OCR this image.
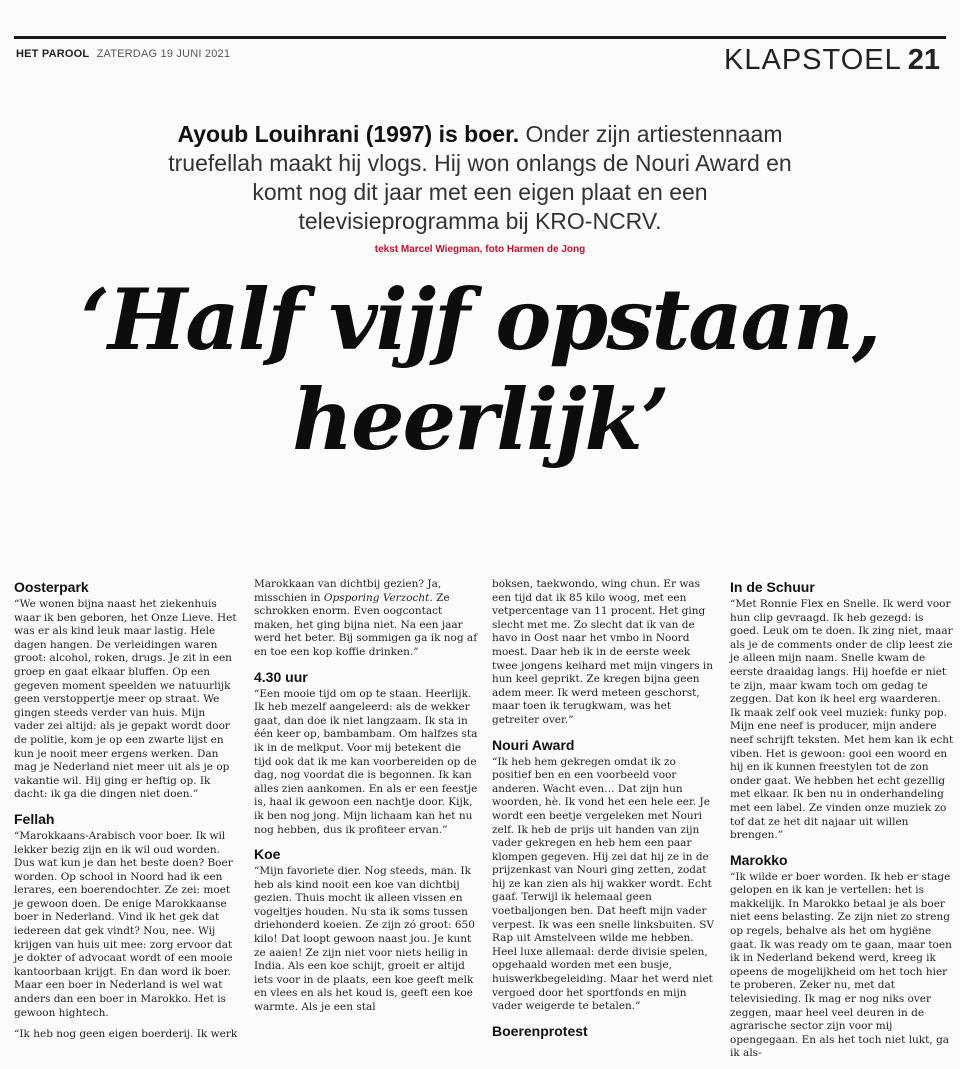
HET PAROOL ZATERDAG 19 JUNI 2021	KLAPSTOEL 21
Ayoub Louihrani (1997) is boer. Onder zijn artiestennaam truefellah maakt hij vlogs. Hij won onlangs de Nouri Award en komt nog dit jaar met een eigen plaat en een televisieprogramma bij KRO-NCRV.
tekst Marcel Wiegman, foto Harmen de Jong
‘Half vijf opstaan,
heerlijk’
Oosterpark

“We wonen bijna naast het ziekenhuis waar ik ben geboren, het Onze Lieve. Het was er als kind leuk maar lastig. Hele dagen hangen. De verleidingen waren groot: alcohol, roken, drugs. Je zit in een groep en gaat elkaar bluffen. Op een gegeven moment speelden we natuurlijk geen verstoppertje meer op straat. We gingen steeds verder van huis. Mijn vader zei altijd: als je gepakt wordt door de politie, kom je op een zwarte lijst en kun je nooit meer ergens werken. Dan mag je Nederland niet meer uit als je op vakantie wil. Hij ging er heftig op. Ik dacht: ik ga die dingen niet doen.”

Fellah

“Marokkaans-Arabisch voor boer. Ik wil lekker bezig zijn en ik wil oud worden. Dus wat kun je dan het beste doen? Boer worden. Op school in Noord had ik een lerares, een boerendochter. Ze zei: moet je gewoon doen. De enige Marokkaanse boer in Nederland. Vind ik het gek dat iedereen dat gek vindt? Nou, nee. Wij krijgen van huis uit mee: zorg ervoor dat je dokter of advocaat wordt of een mooie kantoorbaan krijgt. En dan word ik boer. Maar een boer in Nederland is wel wat anders dan een boer in Marokko. Het is gewoon hightech.

“Ik heb nog geen eigen boerderij. Ik werk

Marokkaan van dichtbij gezien? Ja, misschien in Opsporing Verzocht. Ze schrokken enorm. Even oogcontact maken, het ging bijna niet. Na een jaar werd het beter. Bij sommigen ga ik nog af en toe een kop koffie drinken.”

4.30 uur

“Een mooie tijd om op te staan. Heerlijk. Ik heb mezelf aangeleerd: als de wekker gaat, dan doe ik niet langzaam. Ik sta in één keer op, bambambam. Om halfzes sta ik in de melkput. Voor mij betekent die tijd ook dat ik me kan voorbereiden op de dag, nog voordat die is begonnen. Ik kan alles zien aankomen. En als er een feestje is, haal ik gewoon een nachtje door. Kijk, ik ben nog jong. Mijn lichaam kan het nu nog hebben, dus ik profiteer ervan.”

Koe

“Mijn favoriete dier. Nog steeds, man. Ik heb als kind nooit een koe van dichtbij gezien. Thuis mocht ik alleen vissen en vogeltjes houden. Nu sta ik soms tussen driehonderd koeien. Ze zijn zó groot: 650 kilo! Dat loopt gewoon naast jou. Je kunt ze aaien! Ze zijn niet voor niets heilig in India. Als een koe schijt, groeit er altijd iets voor in de plaats, een koe geeft melk en vlees en als het koud is, geeft een koe warmte. Als je een stal

boksen, taekwondo, wing chun. Er was een tijd dat ik 85 kilo woog, met een vetpercentage van 11 procent. Het ging slecht met me. Zo slecht dat ik van de havo in Oost naar het vmbo in Noord moest. Daar heb ik in de eerste week twee jongens keihard met mijn vingers in hun keel geprikt. Ze kregen bijna geen adem meer. Ik werd meteen geschorst, maar toen ik terugkwam, was het getreiter over.”

Nouri Award

“Ik heb hem gekregen omdat ik zo positief ben en een voorbeeld voor anderen. Wacht even… Dat zijn hun woorden, hè. Ik vond het een hele eer. Je wordt een beetje vergeleken met Nouri zelf. Ik heb de prijs uit handen van zijn vader gekregen en heb hem een paar klompen gegeven. Hij zei dat hij ze in de prijzenkast van Nouri ging zetten, zodat hij ze kan zien als hij wakker wordt. Echt gaaf. Terwijl ik helemaal geen voetbaljongen ben. Dat heeft mijn vader verpest. Ik was een snelle linksbuiten. SV Rap uit Amstelveen wilde me hebben. Heel luxe allemaal: derde divisie spelen, opgehaald worden met een busje, huiswerkbegeleiding. Maar het werd niet vergoed door het sportfonds en mijn vader weigerde te betalen.”

Boerenprotest
In de Schuur

“Met Ronnie Flex en Snelle. Ik werd voor hun clip gevraagd. Ik heb gezegd: is goed. Leuk om te doen. Ik zing niet, maar als je de comments onder de clip leest zie je alleen mijn naam. Snelle kwam de eerste draaidag langs. Hij hoefde er niet te zijn, maar kwam toch om gedag te zeggen. Dat kon ik heel erg waarderen. Ik maak zelf ook veel muziek: funky pop. Mijn ene neef is producer, mijn andere neef schrijft teksten. Met hem kan ik echt viben. Het is gewoon: gooi een woord en hij en ik kunnen freestylen tot de zon onder gaat. We hebben het echt gezellig met elkaar. Ik ben nu in onderhandeling met een label. Ze vinden onze muziek zo tof dat ze het dit najaar uit willen brengen.”

Marokko

“Ik wilde er boer worden. Ik heb er stage gelopen en ik kan je vertellen: het is makkelijk. In Marokko betaal je als boer niet eens belasting. Ze zijn niet zo streng op regels, behalve als het om hygiëne gaat. Ik was ready om te gaan, maar toen ik in Nederland bekend werd, kreeg ik opeens de mogelijkheid om het toch hier te proberen. Zeker nu, met dat televisieding. Ik mag er nog niks over zeggen, maar heel veel deuren in de agrarische sector zijn voor mij opengegaan. En als het toch niet lukt, ga ik als-
